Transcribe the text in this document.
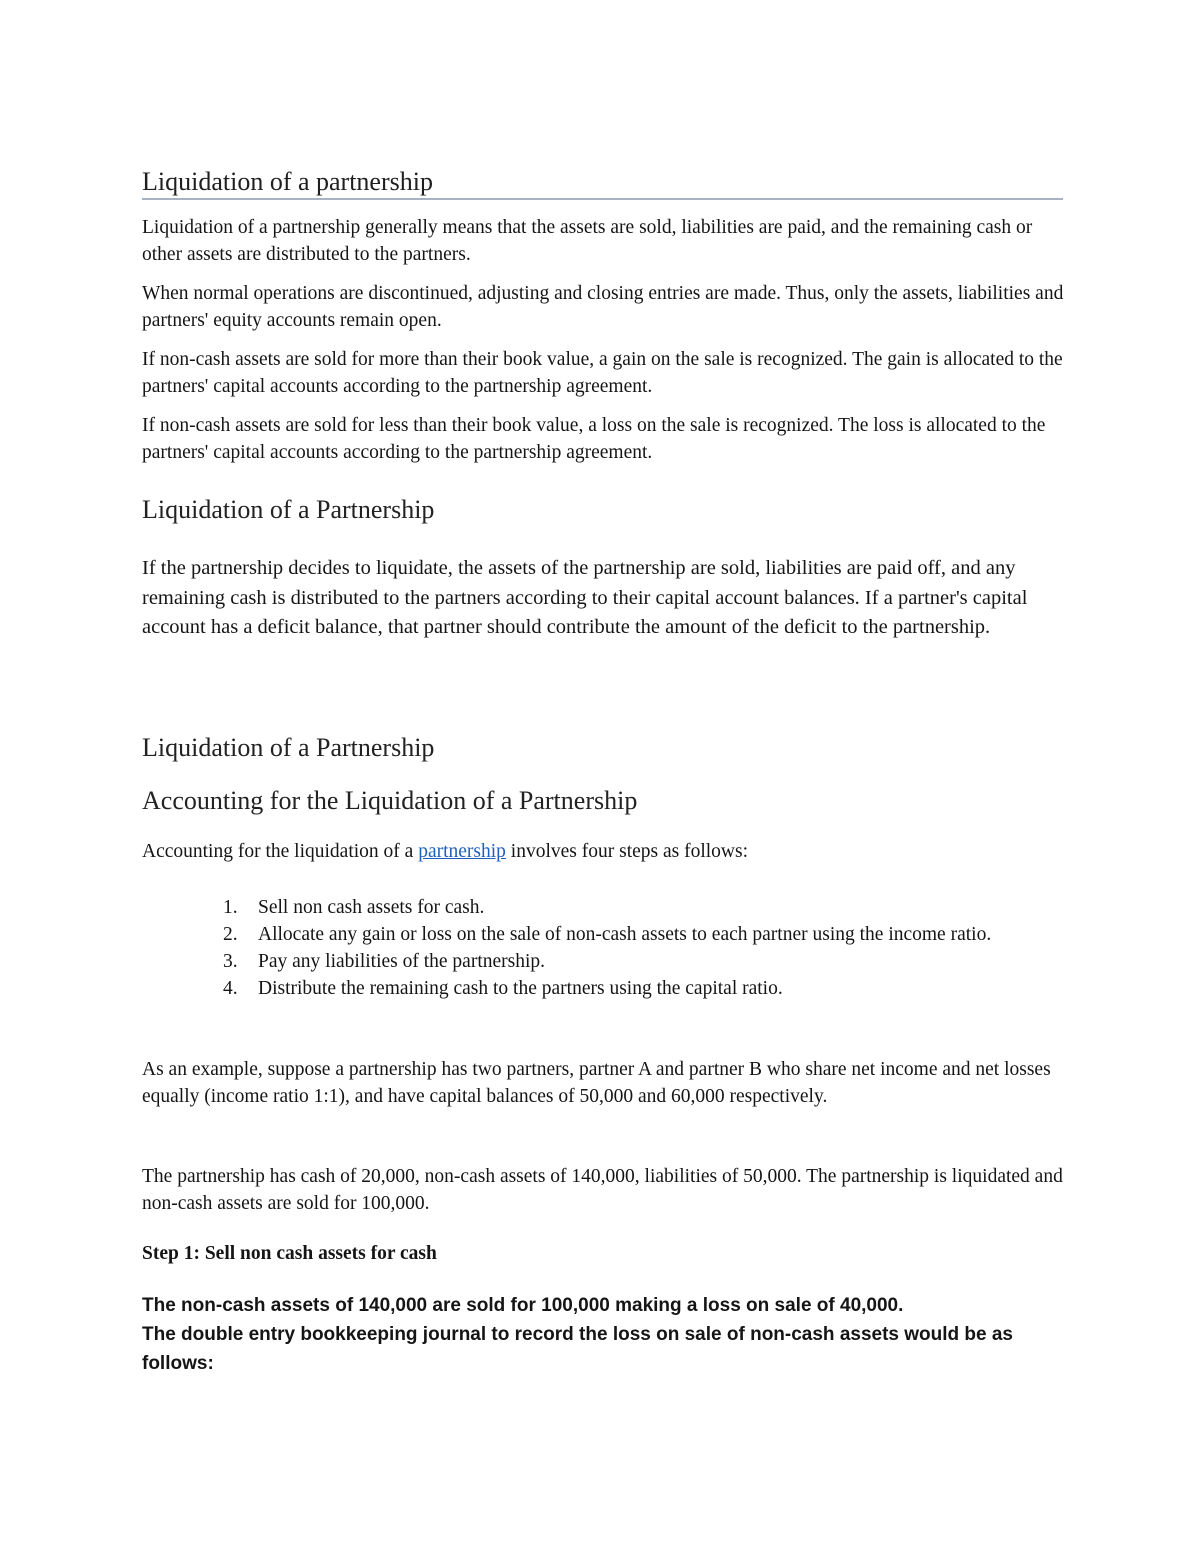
Liquidation of a partnership

Liquidation of a partnership generally means that the assets are sold, liabilities are paid, and the remaining cash or other assets are distributed to the partners.

When normal operations are discontinued, adjusting and closing entries are made. Thus, only the assets, liabilities and partners' equity accounts remain open.

If non-cash assets are sold for more than their book value, a gain on the sale is recognized. The gain is allocated to the partners' capital accounts according to the partnership agreement.

If non-cash assets are sold for less than their book value, a loss on the sale is recognized. The loss is allocated to the partners' capital accounts according to the partnership agreement.

Liquidation of a Partnership

If the partnership decides to liquidate, the assets of the partnership are sold, liabilities are paid off, and any remaining cash is distributed to the partners according to their capital account balances. If a partner's capital account has a deficit balance, that partner should contribute the amount of the deficit to the partnership.

Liquidation of a Partnership
Accounting for the Liquidation of a Partnership

Accounting for the liquidation of a partnership involves four steps as follows:

1. Sell non cash assets for cash.
2. Allocate any gain or loss on the sale of non-cash assets to each partner using the income ratio.
3. Pay any liabilities of the partnership.
4. Distribute the remaining cash to the partners using the capital ratio.

As an example, suppose a partnership has two partners, partner A and partner B who share net income and net losses equally (income ratio 1:1), and have capital balances of 50,000 and 60,000 respectively.

The partnership has cash of 20,000, non-cash assets of 140,000, liabilities of 50,000. The partnership is liquidated and non-cash assets are sold for 100,000.

Step 1: Sell non cash assets for cash

The non-cash assets of 140,000 are sold for 100,000 making a loss on sale of 40,000.

The double entry bookkeeping journal to record the loss on sale of non-cash assets would be as follows:
